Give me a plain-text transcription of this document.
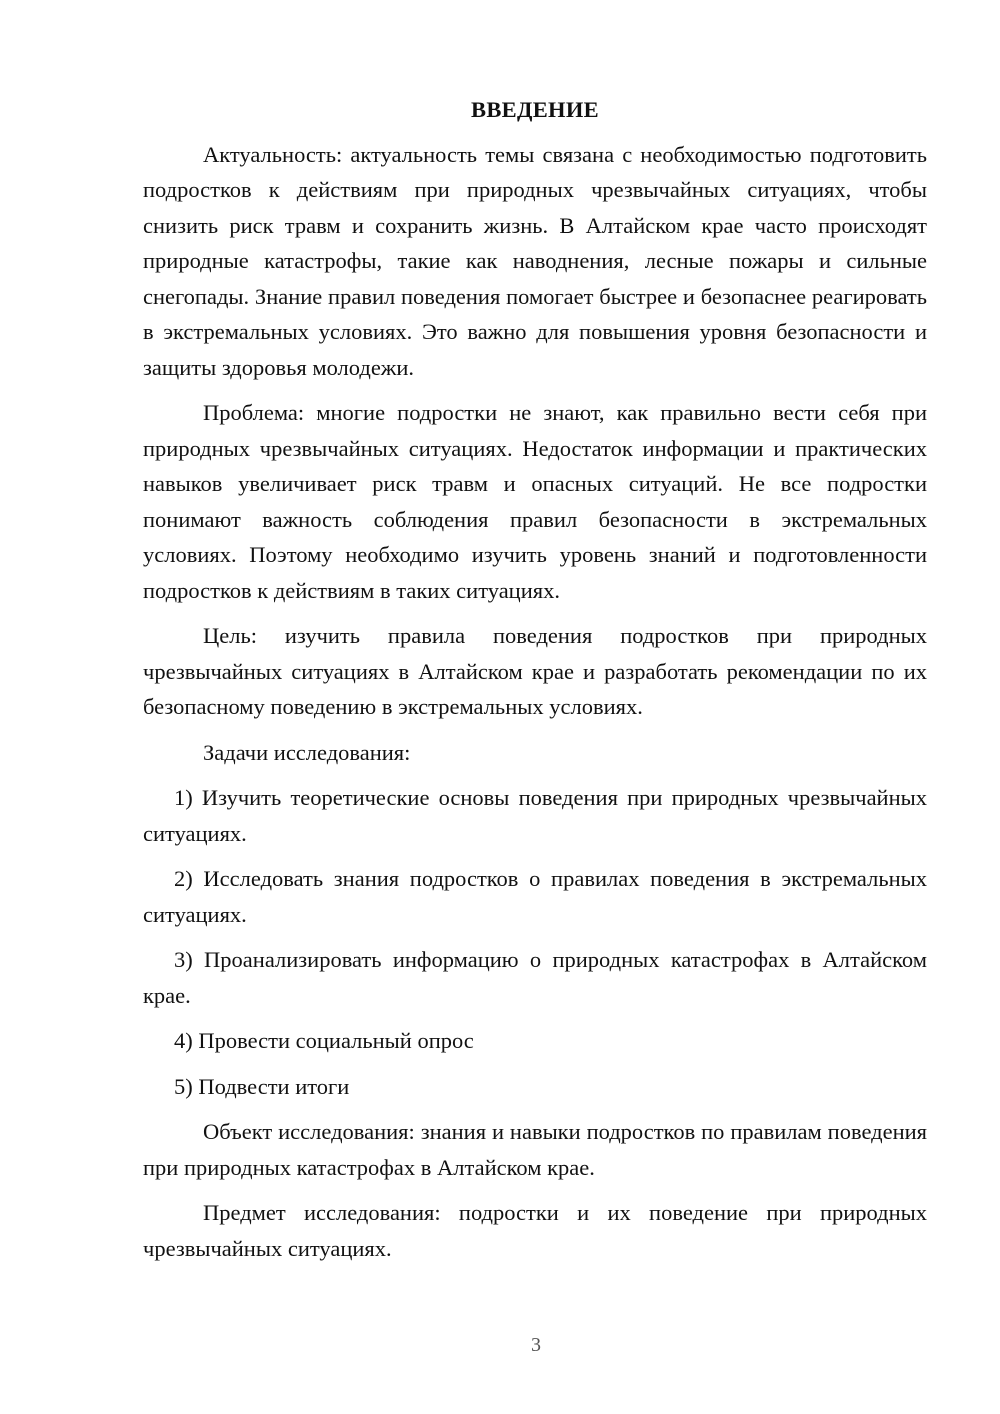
ВВЕДЕНИЕ

Актуальность: актуальность темы связана с необходимостью подготовить подростков к действиям при природных чрезвычайных ситуациях, чтобы снизить риск травм и сохранить жизнь. В Алтайском крае часто происходят природные катастрофы, такие как наводнения, лесные пожары и сильные снегопады. Знание правил поведения помогает быстрее и безопаснее реагировать в экстремальных условиях. Это важно для повышения уровня безопасности и защиты здоровья молодежи.

Проблема: многие подростки не знают, как правильно вести себя при природных чрезвычайных ситуациях. Недостаток информации и практических навыков увеличивает риск травм и опасных ситуаций. Не все подростки понимают важность соблюдения правил безопасности в экстремальных условиях. Поэтому необходимо изучить уровень знаний и подготовленности подростков к действиям в таких ситуациях.

Цель: изучить правила поведения подростков при природных чрезвычайных ситуациях в Алтайском крае и разработать рекомендации по их безопасному поведению в экстремальных условиях.

Задачи исследования:

1) Изучить теоретические основы поведения при природных чрезвычайных ситуациях.

2) Исследовать знания подростков о правилах поведения в экстремальных ситуациях.

3) Проанализировать информацию о природных катастрофах в Алтайском крае.

4) Провести социальный опрос

5) Подвести итоги

Объект исследования: знания и навыки подростков по правилам поведения при природных катастрофах в Алтайском крае.

Предмет исследования: подростки и их поведение при природных чрезвычайных ситуациях.

3
